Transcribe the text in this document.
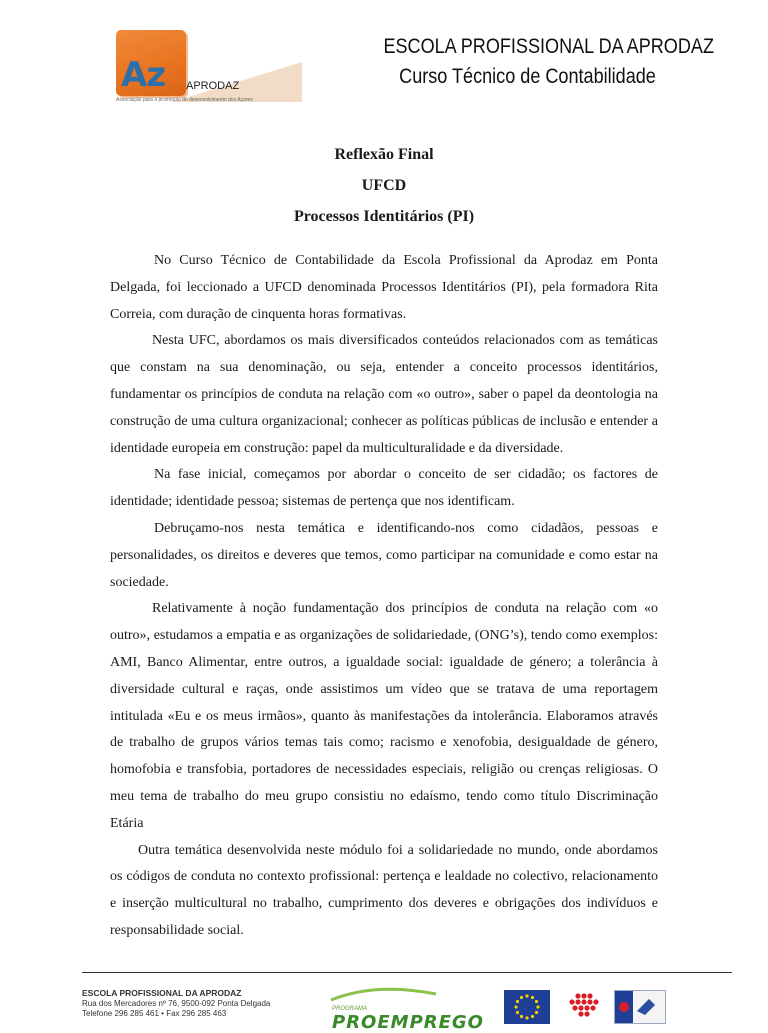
Az APRODAZ
Associação para a promoção do desenvolvimento dos Açores
ESCOLA PROFISSIONAL DA APRODAZ
Curso Técnico de Contabilidade
Reflexão Final
UFCD
Processos Identitários (PI)

No Curso Técnico de Contabilidade da Escola Profissional da Aprodaz em Ponta Delgada, foi leccionado a UFCD denominada Processos Identitários (PI), pela formadora Rita Correia, com duração de cinquenta horas formativas.

Nesta UFC, abordamos os mais diversificados conteúdos relacionados com as temáticas que constam na sua denominação, ou seja, entender a conceito processos identitários, fundamentar os princípios de conduta na relação com «o outro», saber o papel da deontologia na construção de uma cultura organizacional; conhecer as políticas públicas de inclusão e entender a identidade europeia em construção: papel da multiculturalidade e da diversidade.

Na fase inicial, começamos por abordar o conceito de ser cidadão; os factores de identidade; identidade pessoa; sistemas de pertença que nos identificam.

Debruçamo-nos nesta temática e identificando-nos como cidadãos, pessoas e personalidades, os direitos e deveres que temos, como participar na comunidade e como estar na sociedade.

Relativamente à noção fundamentação dos princípios de conduta na relação com «o outro», estudamos a empatia e as organizações de solidariedade, (ONG’s), tendo como exemplos: AMI, Banco Alimentar, entre outros, a igualdade social: igualdade de género; a tolerância à diversidade cultural e raças, onde assistimos um vídeo que se tratava de uma reportagem intitulada «Eu e os meus irmãos», quanto às manifestações da intolerância. Elaboramos através de trabalho de grupos vários temas tais como; racismo e xenofobia, desigualdade de género, homofobia e transfobia, portadores de necessidades especiais, religião ou crenças religiosas. O meu tema de trabalho do meu grupo consistiu no edaísmo, tendo como título Discriminação Etária

Outra temática desenvolvida neste módulo foi a solidariedade no mundo, onde abordamos os códigos de conduta no contexto profissional: pertença e lealdade no colectivo, relacionamento e inserção multicultural no trabalho, cumprimento dos deveres e obrigações dos indivíduos e responsabilidade social.

ESCOLA PROFISSIONAL DA APRODAZ
Rua dos Mercadores nº 76, 9500-092 Ponta Delgada
Telefone 296 285 461 • Fax 296 285 463	PROGRAMA
PROEMPREGO
